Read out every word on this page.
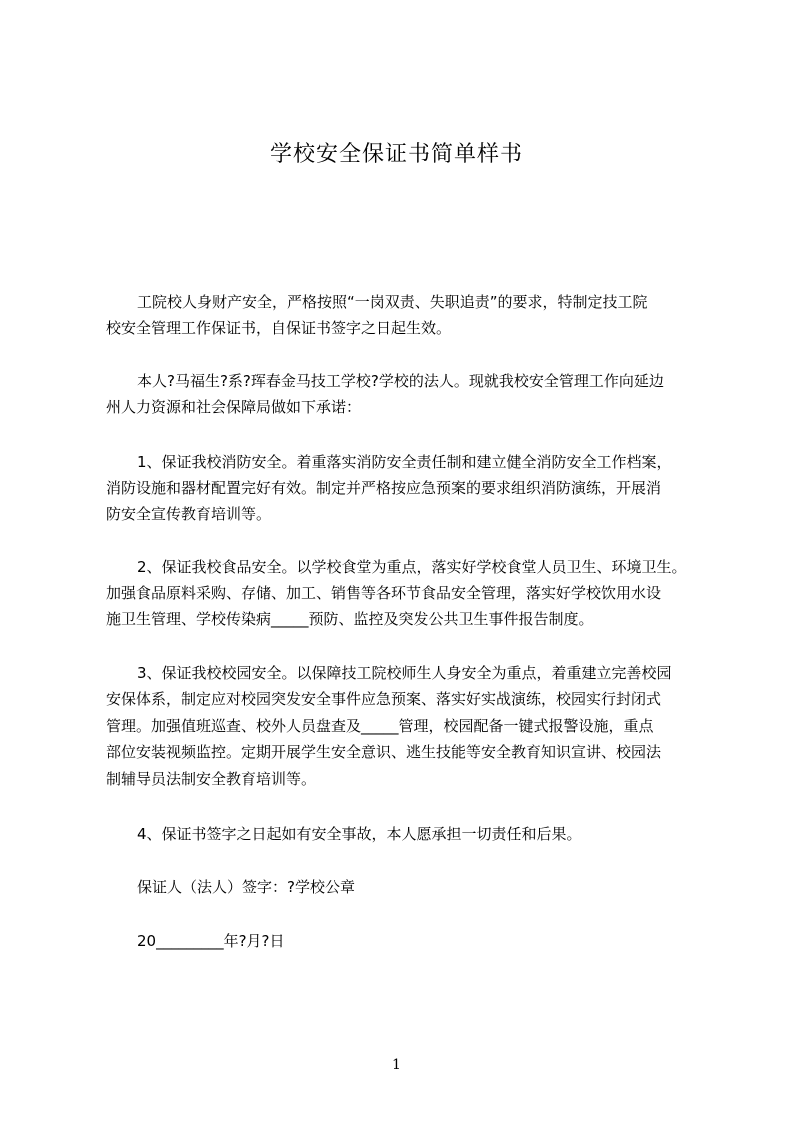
学校安全保证书简单样书
工院校人身财产安全，严格按照“一岗双责、失职追责”的要求，特制定技工院
校安全管理工作保证书，自保证书签字之日起生效。
本人?马福生?系?珲春金马技工学校?学校的法人。现就我校安全管理工作向延边
州人力资源和社会保障局做如下承诺：
1、保证我校消防安全。着重落实消防安全责任制和建立健全消防安全工作档案，
消防设施和器材配置完好有效。制定并严格按应急预案的要求组织消防演练，开展消
防安全宣传教育培训等。
2、保证我校食品安全。以学校食堂为重点，落实好学校食堂人员卫生、环境卫生。
加强食品原料采购、存储、加工、销售等各环节食品安全管理，落实好学校饮用水设
施卫生管理、学校传染病_____预防、监控及突发公共卫生事件报告制度。
3、保证我校校园安全。以保障技工院校师生人身安全为重点，着重建立完善校园
安保体系，制定应对校园突发安全事件应急预案、落实好实战演练，校园实行封闭式
管理。加强值班巡查、校外人员盘查及_____管理，校园配备一键式报警设施，重点
部位安装视频监控。定期开展学生安全意识、逃生技能等安全教育知识宣讲、校园法
制辅导员法制安全教育培训等。
4、保证书签字之日起如有安全事故，本人愿承担一切责任和后果。
保证人（法人）签字：?学校公章
20_________年?月?日
1
